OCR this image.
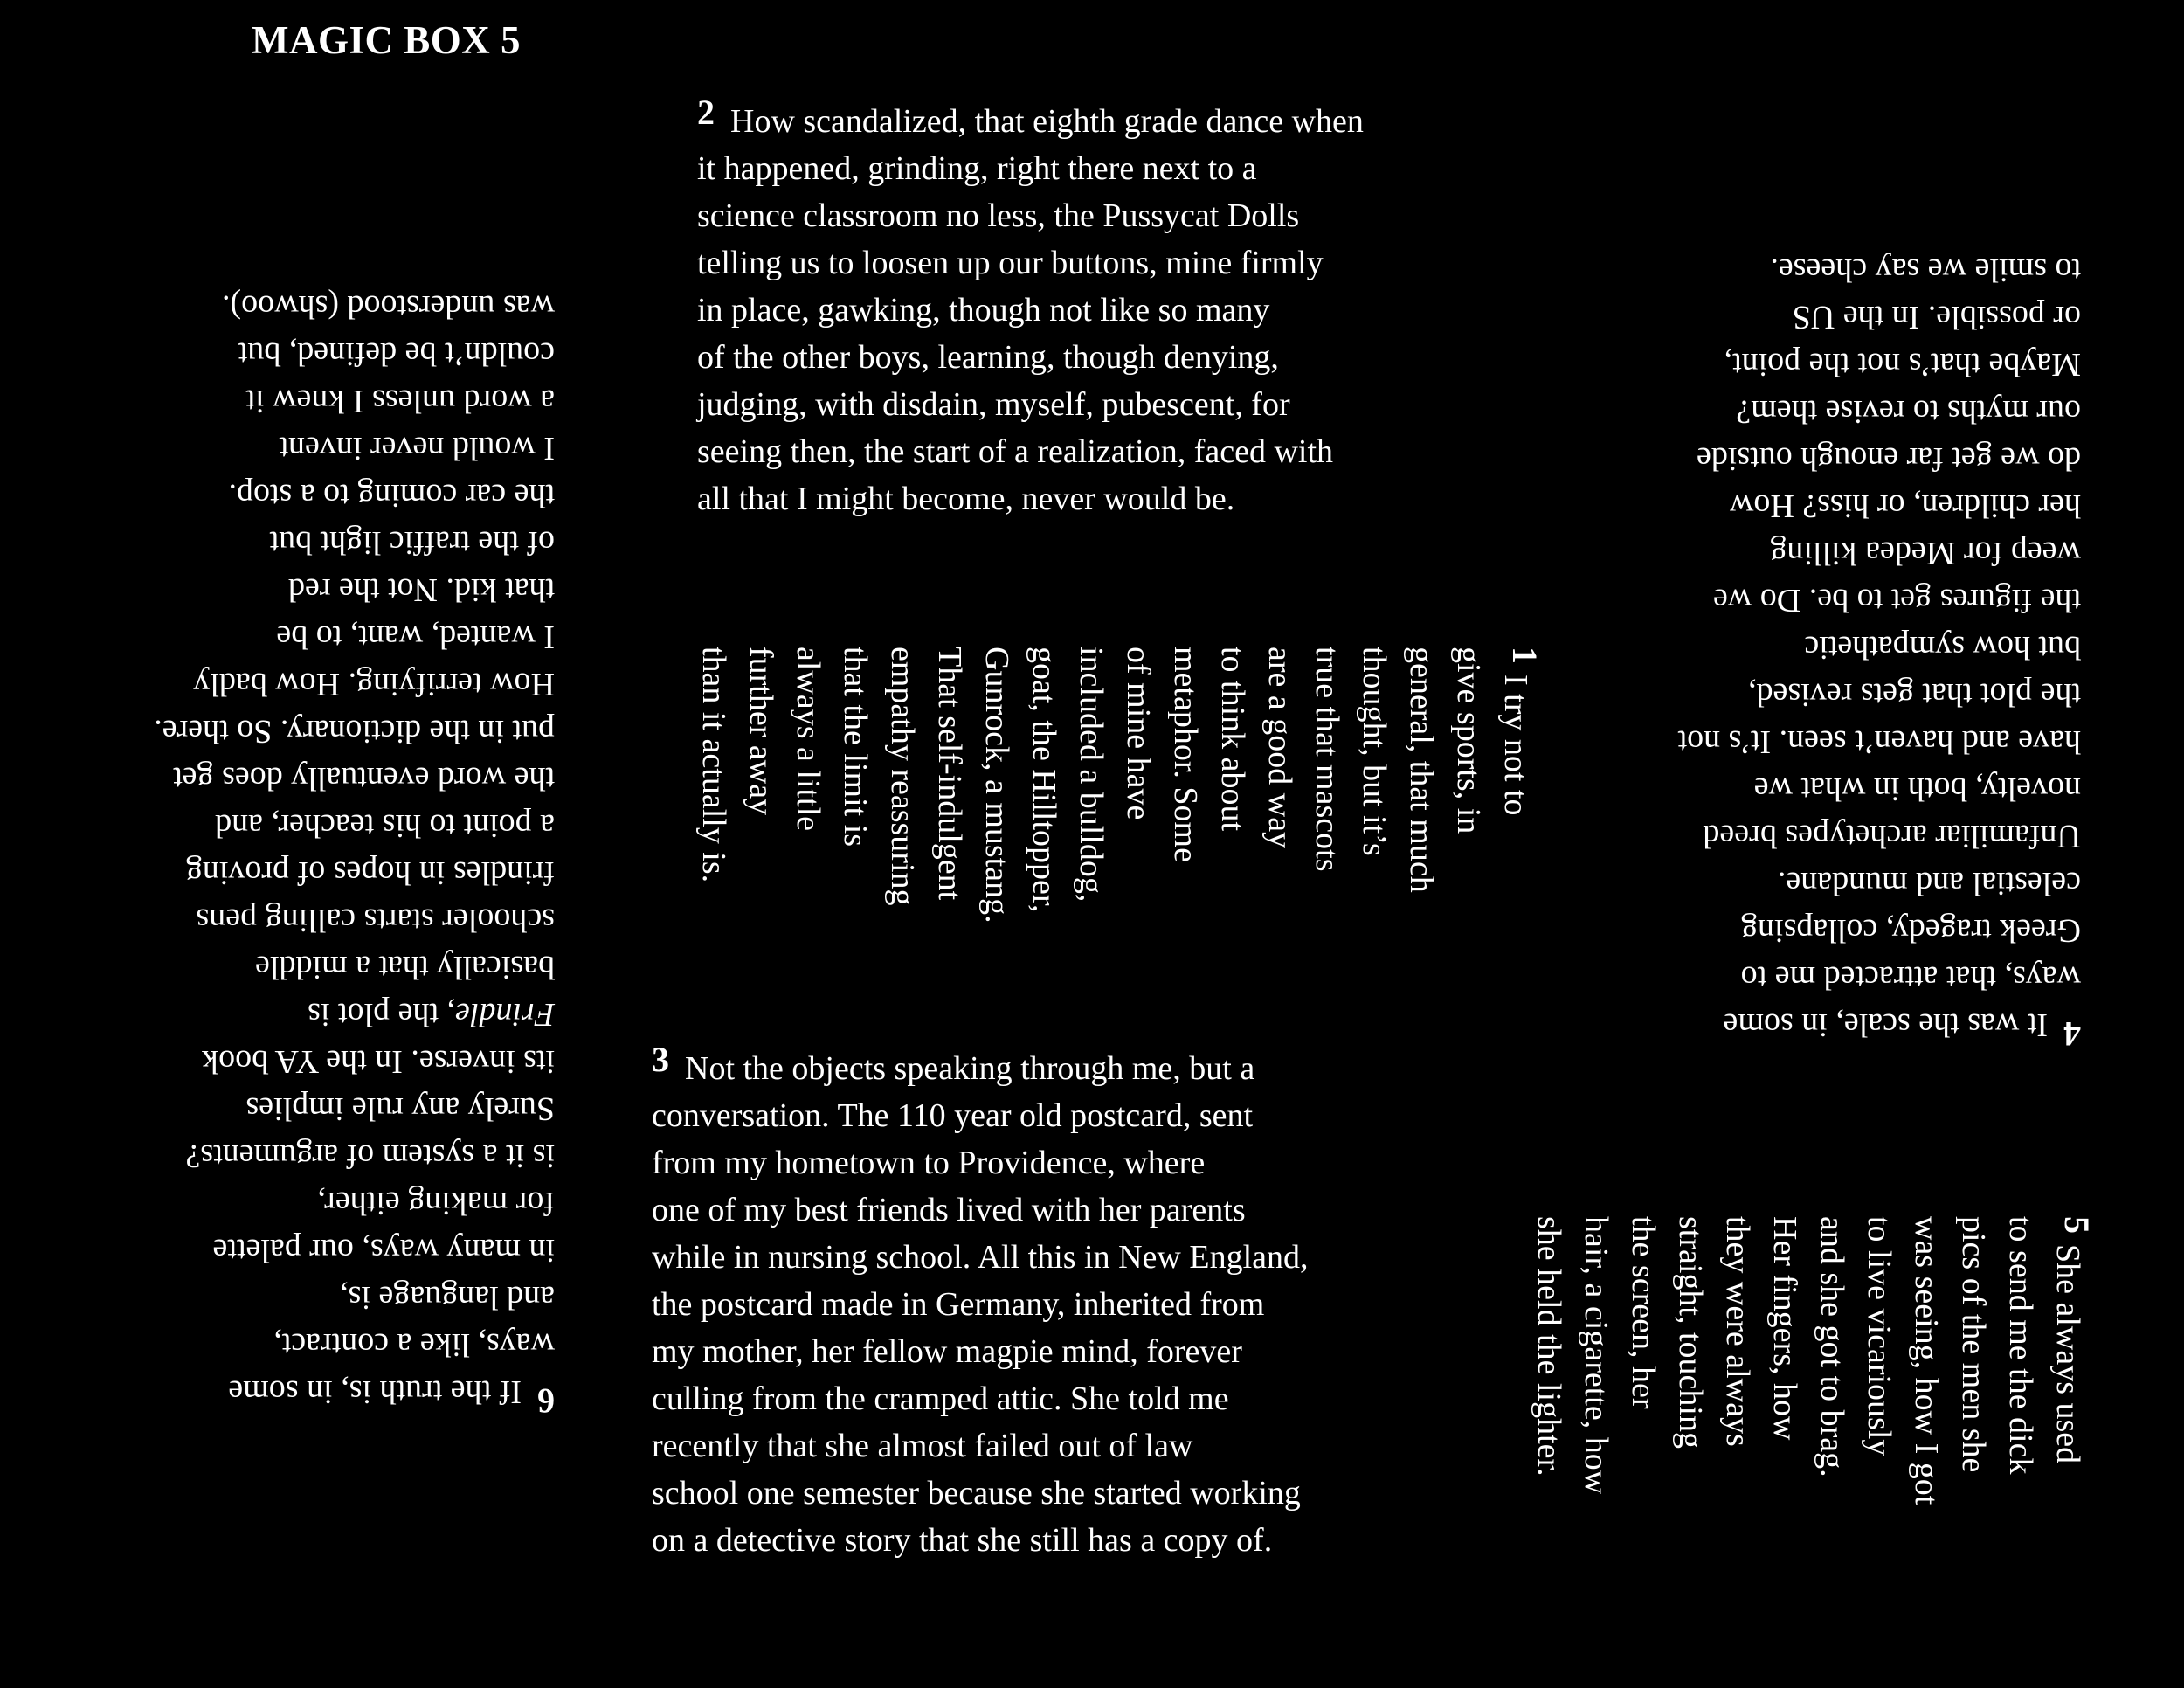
MAGIC BOX 5
2 How scandalized, that eighth grade dance when
it happened, grinding, right there next to a
science classroom no less, the Pussycat Dolls
telling us to loosen up our buttons, mine firmly
in place, gawking, though not like so many
of the other boys, learning, though denying,
judging, with disdain, myself, pubescent, for
seeing then, the start of a realization, faced with
all that I might become, never would be.
3 Not the objects speaking through me, but a
conversation. The 110 year old postcard, sent
from my hometown to Providence, where
one of my best friends lived with her parents
while in nursing school. All this in New England,
the postcard made in Germany, inherited from
my mother, her fellow magpie mind, forever
culling from the cramped attic. She told me
recently that she almost failed out of law
school one semester because she started working
on a detective story that she still has a copy of.
1
I try not to
give sports, in
general, that much
thought, but it’s
true that mascots
are a good way
to think about
metaphor. Some
of mine have
included a bulldog,
goat, the Hilltopper,
Gunrock, a mustang.
That self-indulgent
empathy reassuring
that the limit is
always a little
further away
than it actually is.
5
She always used
to send me the dick
pics of the men she
was seeing, how I got
to live vicariously
and she got to brag.
Her fingers, how
they were always
straight, touching
the screen, her
hair, a cigarette, how
she held the lighter.
4
It was the scale, in some
ways, that attracted me to
Greek tragedy, collapsing
celestial and mundane.
Unfamiliar archetypes breed
novelty, both in what we
have and haven’t seen. It’s not
the plot that gets revised,
but how sympathetic
the figures get to be. Do we
weep for Medea killing
her children, or hiss? How
do we get far enough outside
our myths to revise them?
Maybe that’s not the point,
or possible. In the US
to smile we say cheese.
6
If the truth is, in some
ways, like a contract,
and language is,
in many ways, our palette
for making either,
is it a system of arguments?
Surely any rule implies
its inverse. In the YA book
Frindle, the plot is
basically that a middle
schooler starts calling pens
frindles in hopes of proving
a point to his teacher, and
the word eventually does get
put in the dictionary. So there.
How terrifying. How badly
I wanted, want, to be
that kid. Not the red
of the traffic light but
the car coming to a stop.
I would never invent
a word unless I knew it
couldn’t be defined, but
was understood (shwoo).
